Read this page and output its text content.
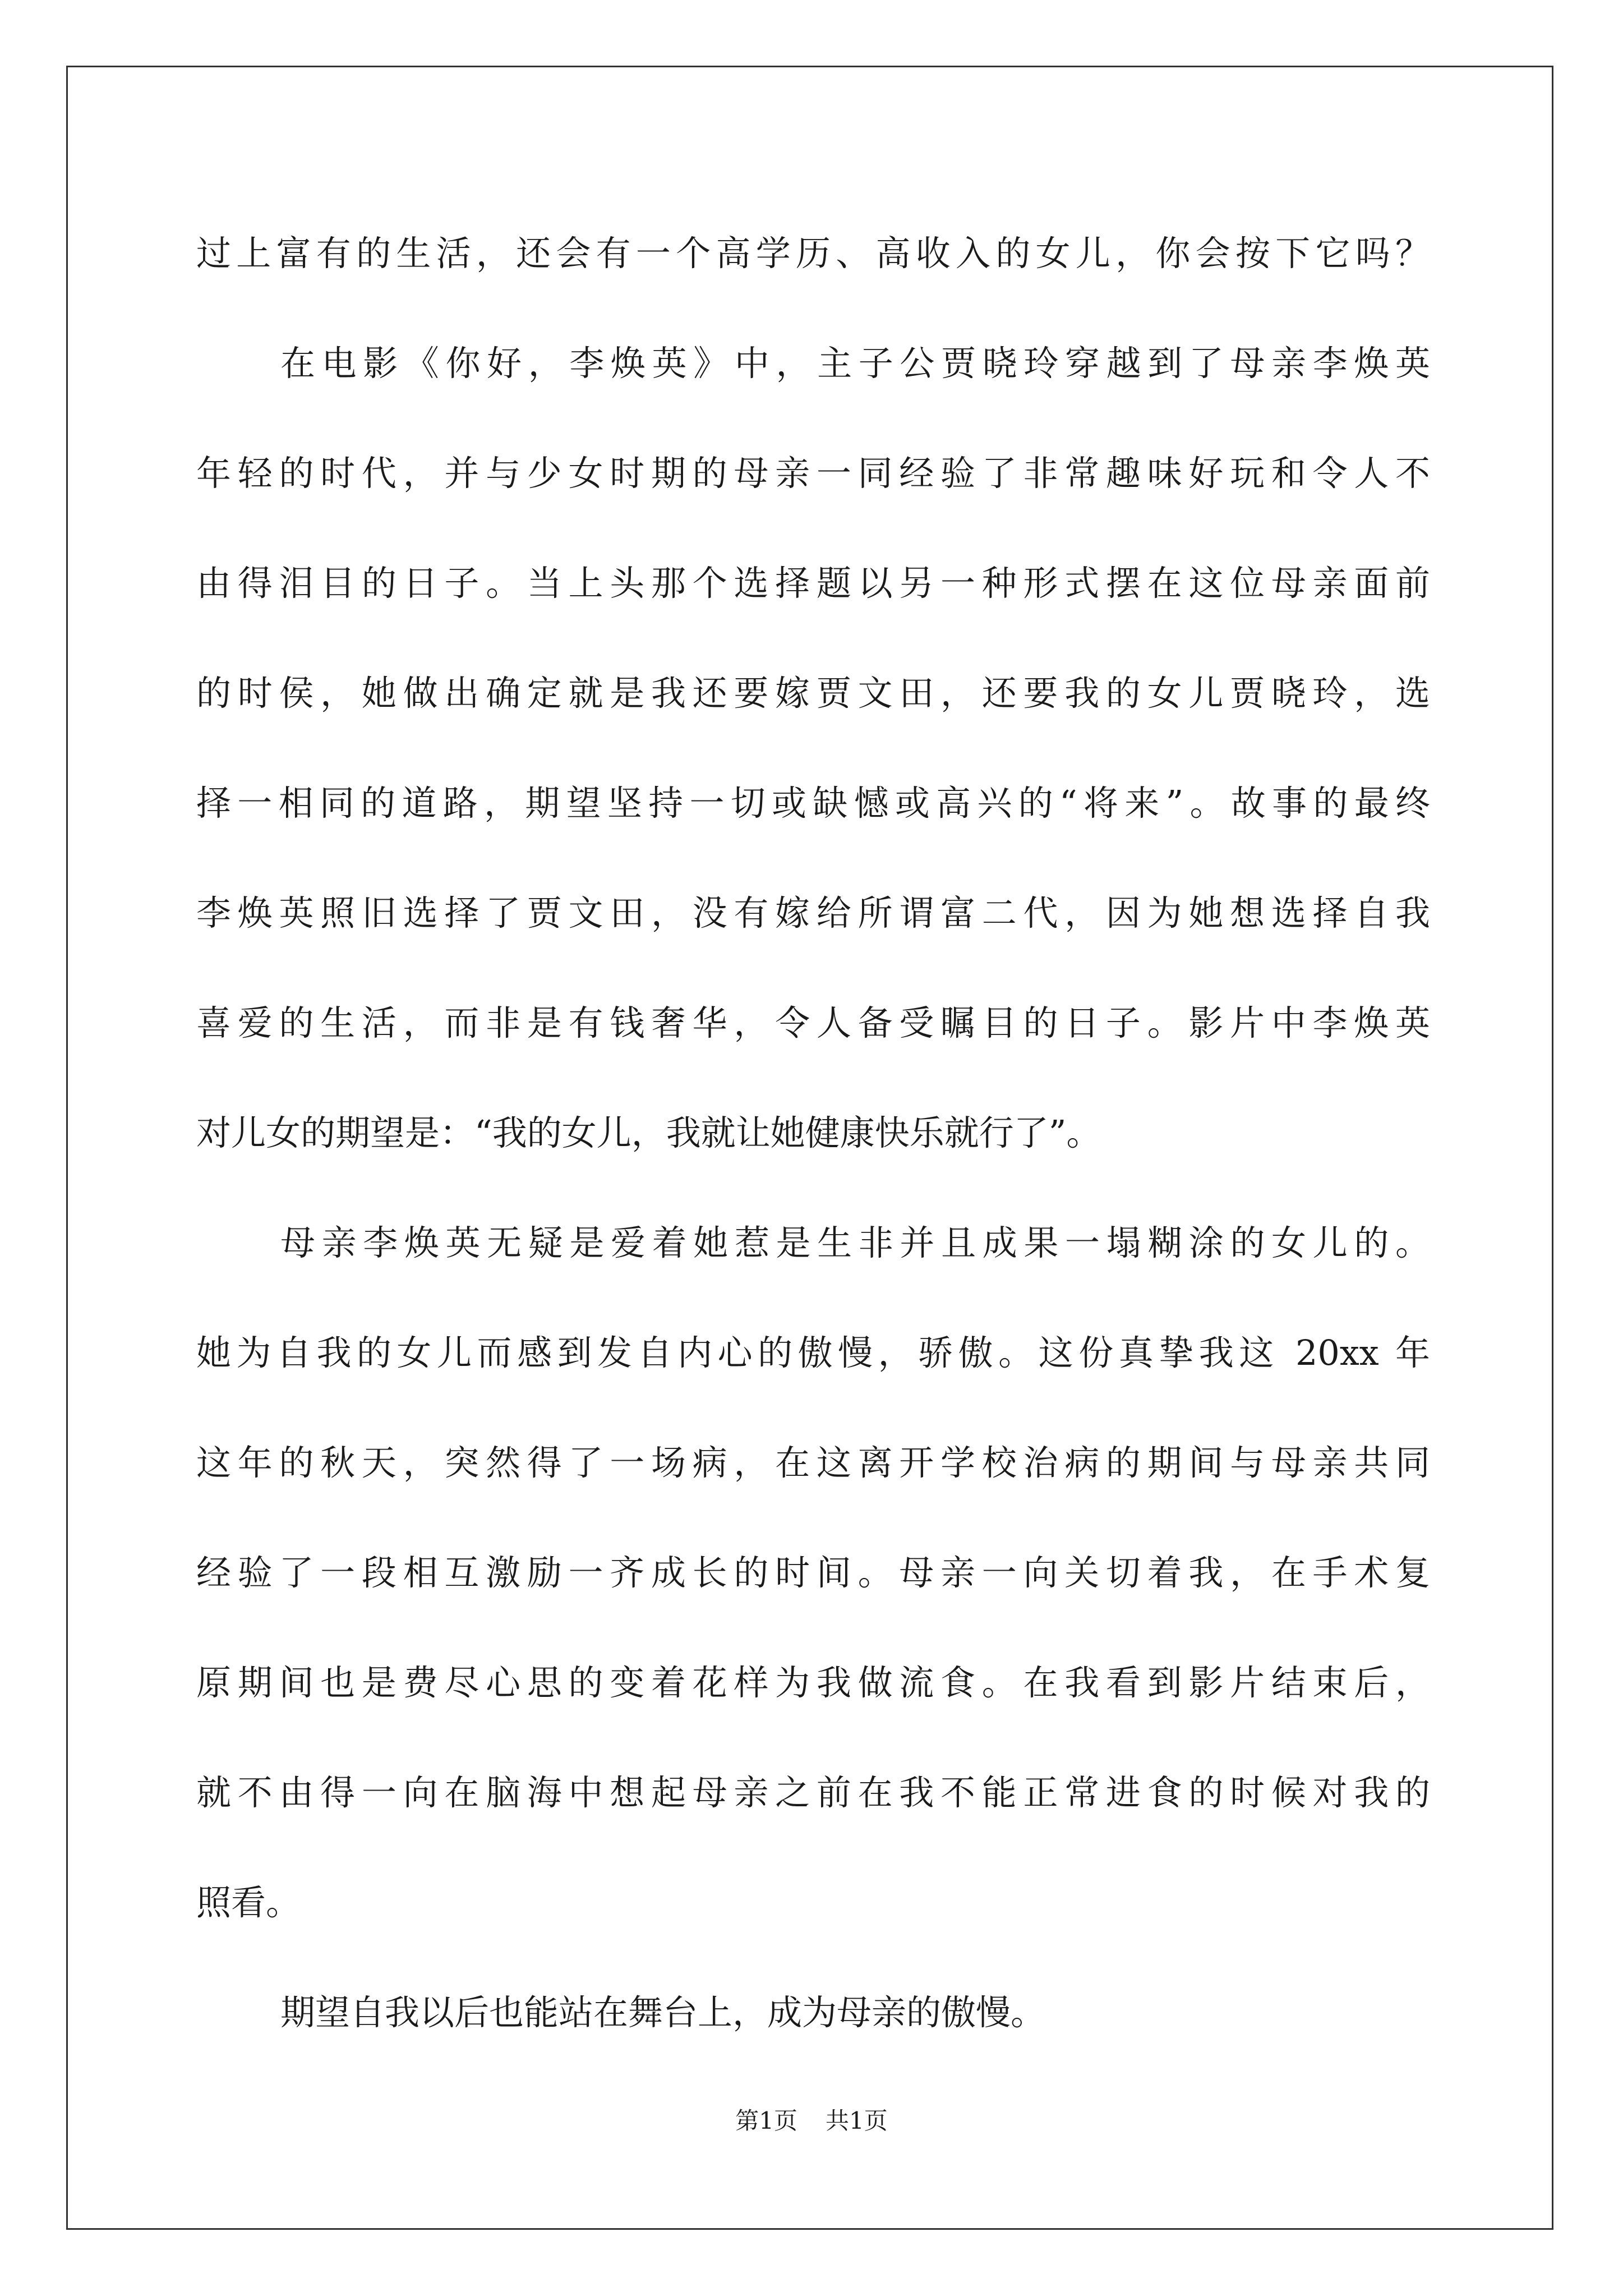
过上富有的生活，还会有一个高学历、高收入的女儿，你会按下它吗？
在电影《你好，李焕英》中，主子公贾晓玲穿越到了母亲李焕英
年轻的时代，并与少女时期的母亲一同经验了非常趣味好玩和令人不
由得泪目的日子。当上头那个选择题以另一种形式摆在这位母亲面前
的时侯，她做出确定就是我还要嫁贾文田，还要我的女儿贾晓玲，选
择一相同的道路，期望坚持一切或缺憾或高兴的“将来”。故事的最终
李焕英照旧选择了贾文田，没有嫁给所谓富二代，因为她想选择自我
喜爱的生活，而非是有钱奢华，令人备受瞩目的日子。影片中李焕英
对儿女的期望是：“我的女儿，我就让她健康快乐就行了”。
母亲李焕英无疑是爱着她惹是生非并且成果一塌糊涂的女儿的。
她为自我的女儿而感到发自内心的傲慢，骄傲。这份真挚我这 20xx 年
这年的秋天，突然得了一场病，在这离开学校治病的期间与母亲共同
经验了一段相互激励一齐成长的时间。母亲一向关切着我，在手术复
原期间也是费尽心思的变着花样为我做流食。在我看到影片结束后，
就不由得一向在脑海中想起母亲之前在我不能正常进食的时候对我的
照看。
期望自我以后也能站在舞台上，成为母亲的傲慢。
第1页 共1页
